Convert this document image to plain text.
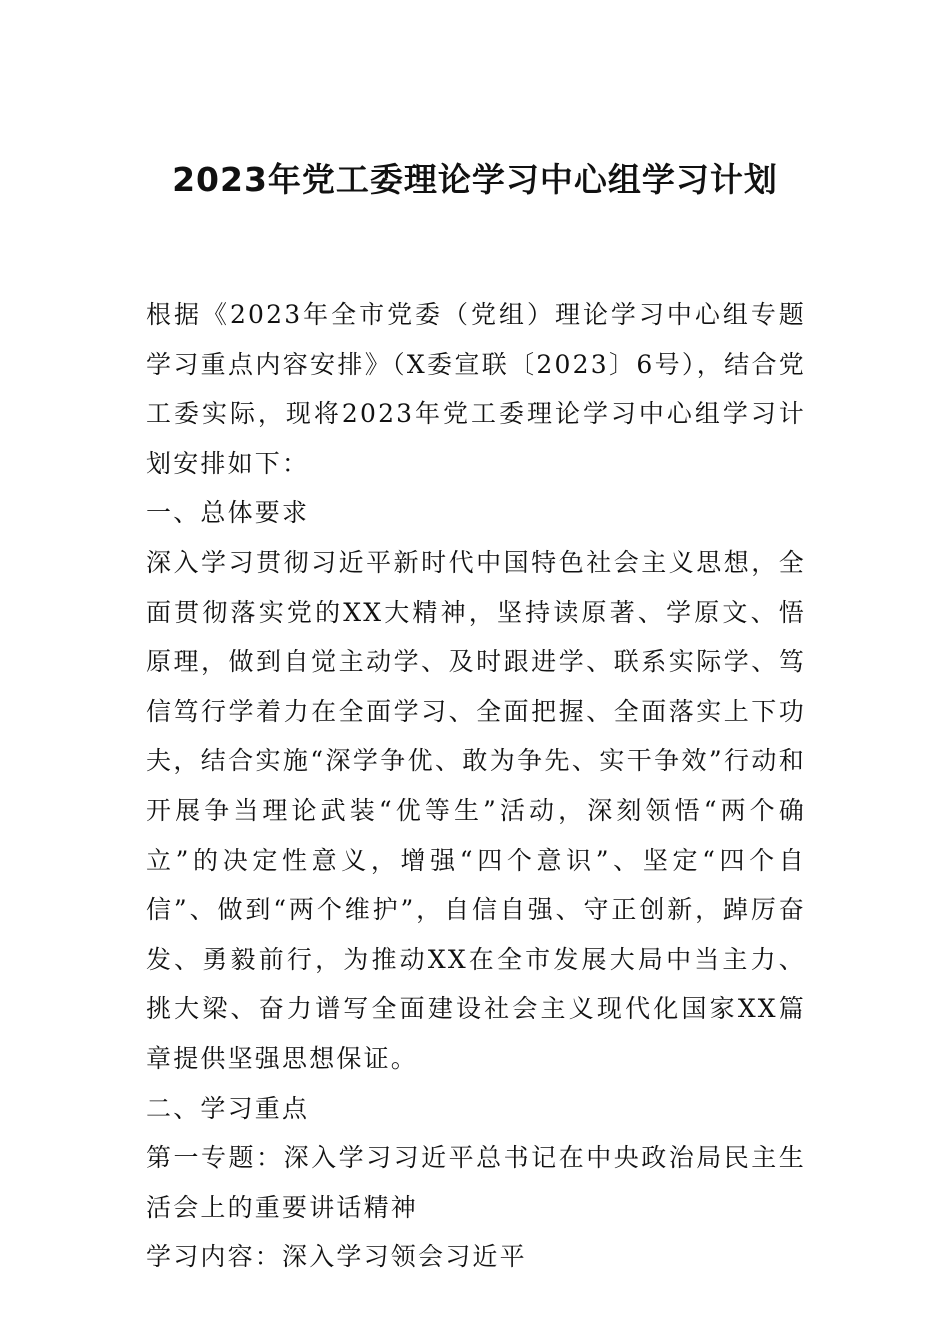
2023年党工委理论学习中心组学习计划

根据《2023年全市党委（党组）理论学习中心组专题学习重点内容安排》（X委宣联〔2023〕6号），结合党工委实际，现将2023年党工委理论学习中心组学习计划安排如下：

一、总体要求

深入学习贯彻习近平新时代中国特色社会主义思想，全面贯彻落实党的XX大精神，坚持读原著、学原文、悟原理，做到自觉主动学、及时跟进学、联系实际学、笃信笃行学着力在全面学习、全面把握、全面落实上下功夫，结合实施“深学争优、敢为争先、实干争效”行动和开展争当理论武装“优等生”活动，深刻领悟“两个确立”的决定性意义，增强“四个意识”、坚定“四个自信”、做到“两个维护”，自信自强、守正创新，踔厉奋发、勇毅前行，为推动XX在全市发展大局中当主力、挑大梁、奋力谱写全面建设社会主义现代化国家XX篇章提供坚强思想保证。

二、学习重点

第一专题：深入学习习近平总书记在中央政治局民主生活会上的重要讲话精神

学习内容：深入学习领会习近平
